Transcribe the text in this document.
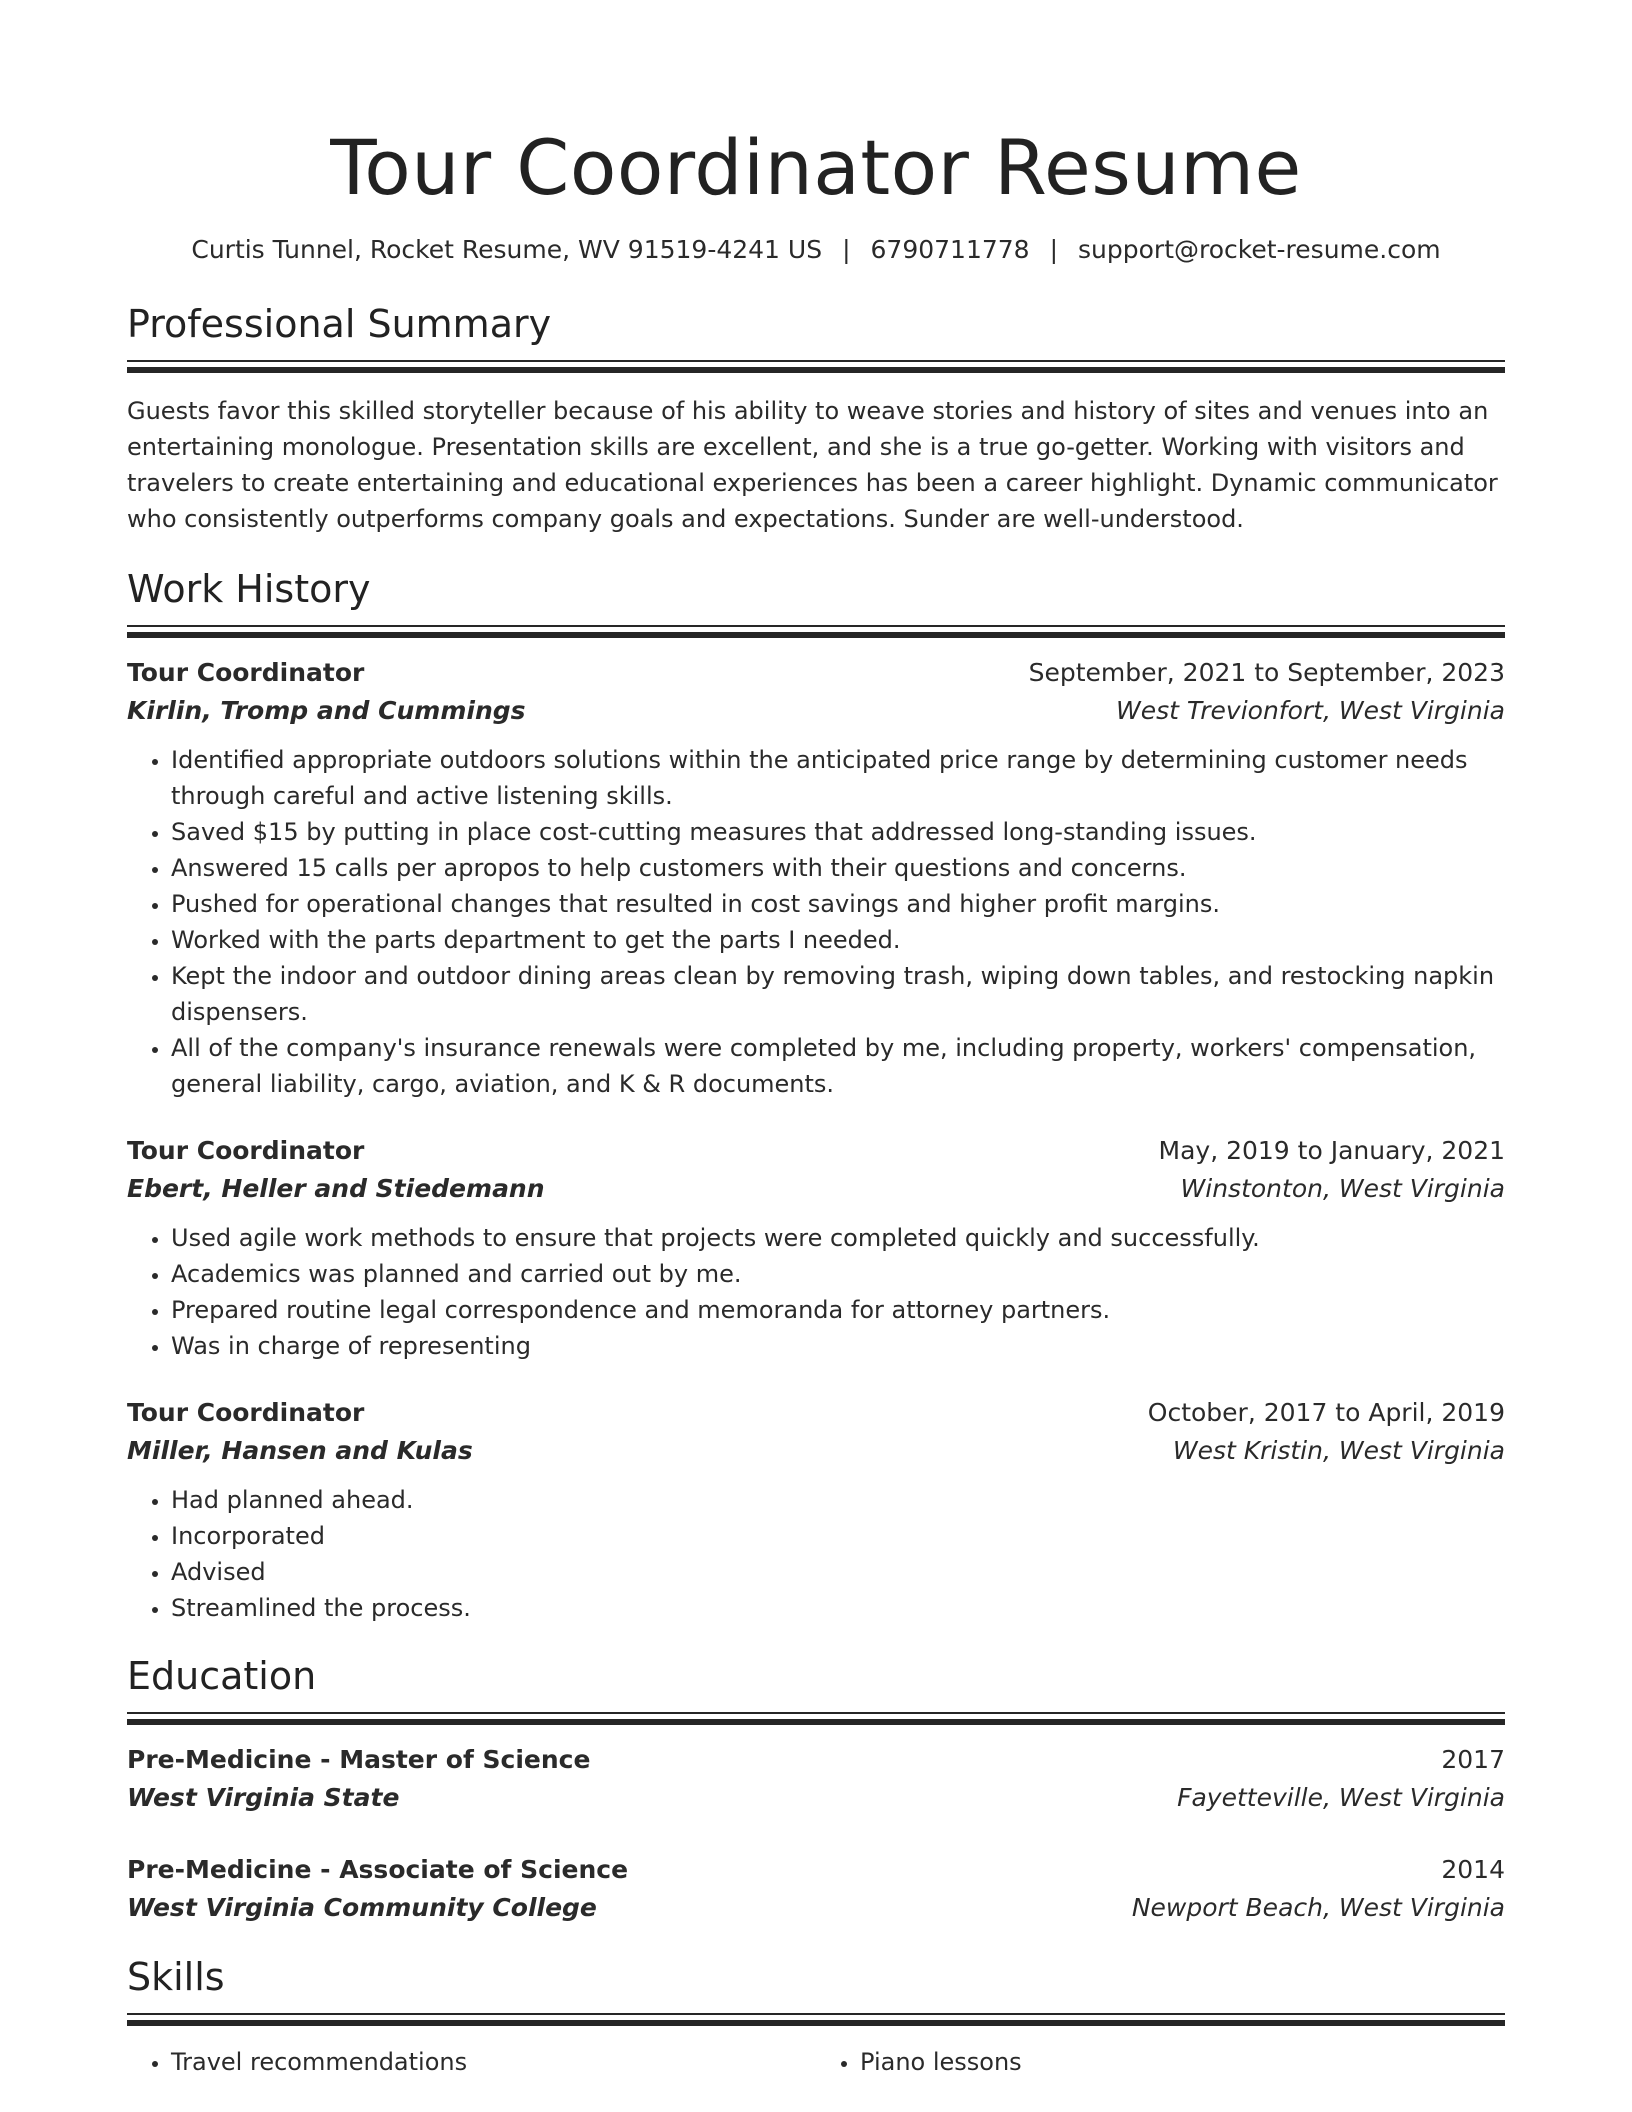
Tour Coordinator Resume
Curtis Tunnel, Rocket Resume, WV 91519-4241 US | 6790711778 | support@rocket-resume.com
Professional Summary

Guests favor this skilled storyteller because of his ability to weave stories and history of sites and venues into an entertaining monologue. Presentation skills are excellent, and she is a true go-getter. Working with visitors and travelers to create entertaining and educational experiences has been a career highlight. Dynamic communicator who consistently outperforms company goals and expectations. Sunder are well-understood.

Work History
Tour Coordinator	September, 2021 to September, 2023
Kirlin, Tromp and Cummings	West Trevionfort, West Virginia
• Identified appropriate outdoors solutions within the anticipated price range by determining customer needs through careful and active listening skills.
• Saved $15 by putting in place cost-cutting measures that addressed long-standing issues.
• Answered 15 calls per apropos to help customers with their questions and concerns.
• Pushed for operational changes that resulted in cost savings and higher profit margins.
• Worked with the parts department to get the parts I needed.
• Kept the indoor and outdoor dining areas clean by removing trash, wiping down tables, and restocking napkin dispensers.
• All of the company's insurance renewals were completed by me, including property, workers' compensation, general liability, cargo, aviation, and K & R documents.
Tour Coordinator	May, 2019 to January, 2021
Ebert, Heller and Stiedemann	Winstonton, West Virginia
• Used agile work methods to ensure that projects were completed quickly and successfully.
• Academics was planned and carried out by me.
• Prepared routine legal correspondence and memoranda for attorney partners.
• Was in charge of representing
Tour Coordinator	October, 2017 to April, 2019
Miller, Hansen and Kulas	West Kristin, West Virginia
• Had planned ahead.
• Incorporated
• Advised
• Streamlined the process.
Education
Pre-Medicine - Master of Science	2017
West Virginia State	Fayetteville, West Virginia
Pre-Medicine - Associate of Science	2014
West Virginia Community College	Newport Beach, West Virginia
Skills
• Travel recommendations
•	Piano lessons
